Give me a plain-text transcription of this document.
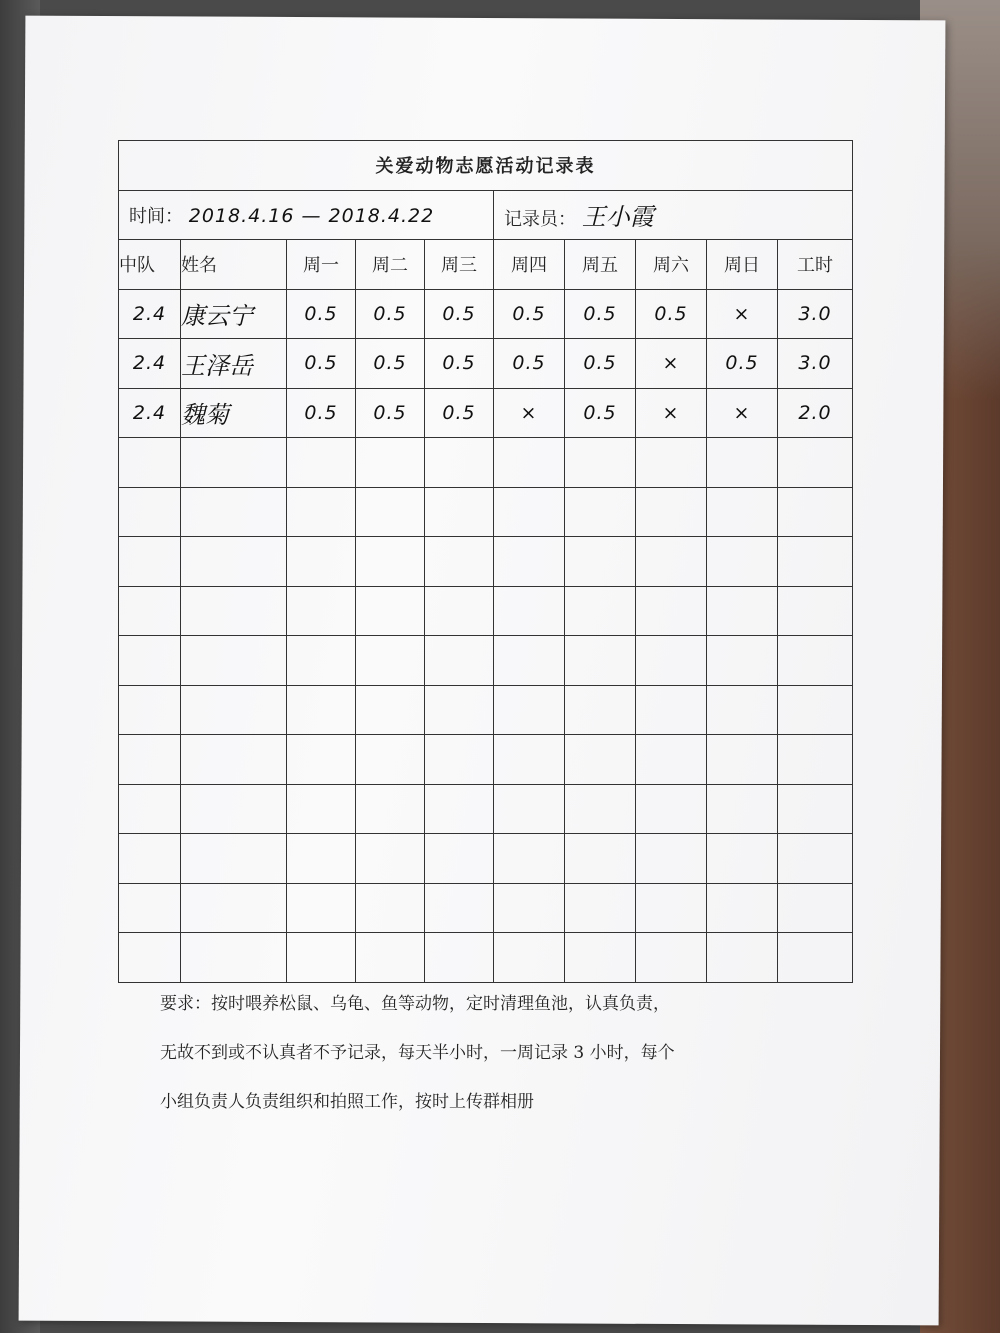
关爱动物志愿活动记录表									
时间： 2018.4.16 — 2018.4.22					记录员： 王小霞				
中队	姓名	周一	周二	周三	周四	周五	周六	周日	工时
2.4	康云宁	0.5	0.5	0.5	0.5	0.5	0.5	×	3.0
2.4	王泽岳	0.5	0.5	0.5	0.5	0.5	×	0.5	3.0
2.4	魏菊	0.5	0.5	0.5	×	0.5	×	×	2.0

要求：按时喂养松鼠、乌龟、鱼等动物，定时清理鱼池，认真负责，
无故不到或不认真者不予记录，每天半小时，一周记录 3 小时，每个
小组负责人负责组织和拍照工作，按时上传群相册
